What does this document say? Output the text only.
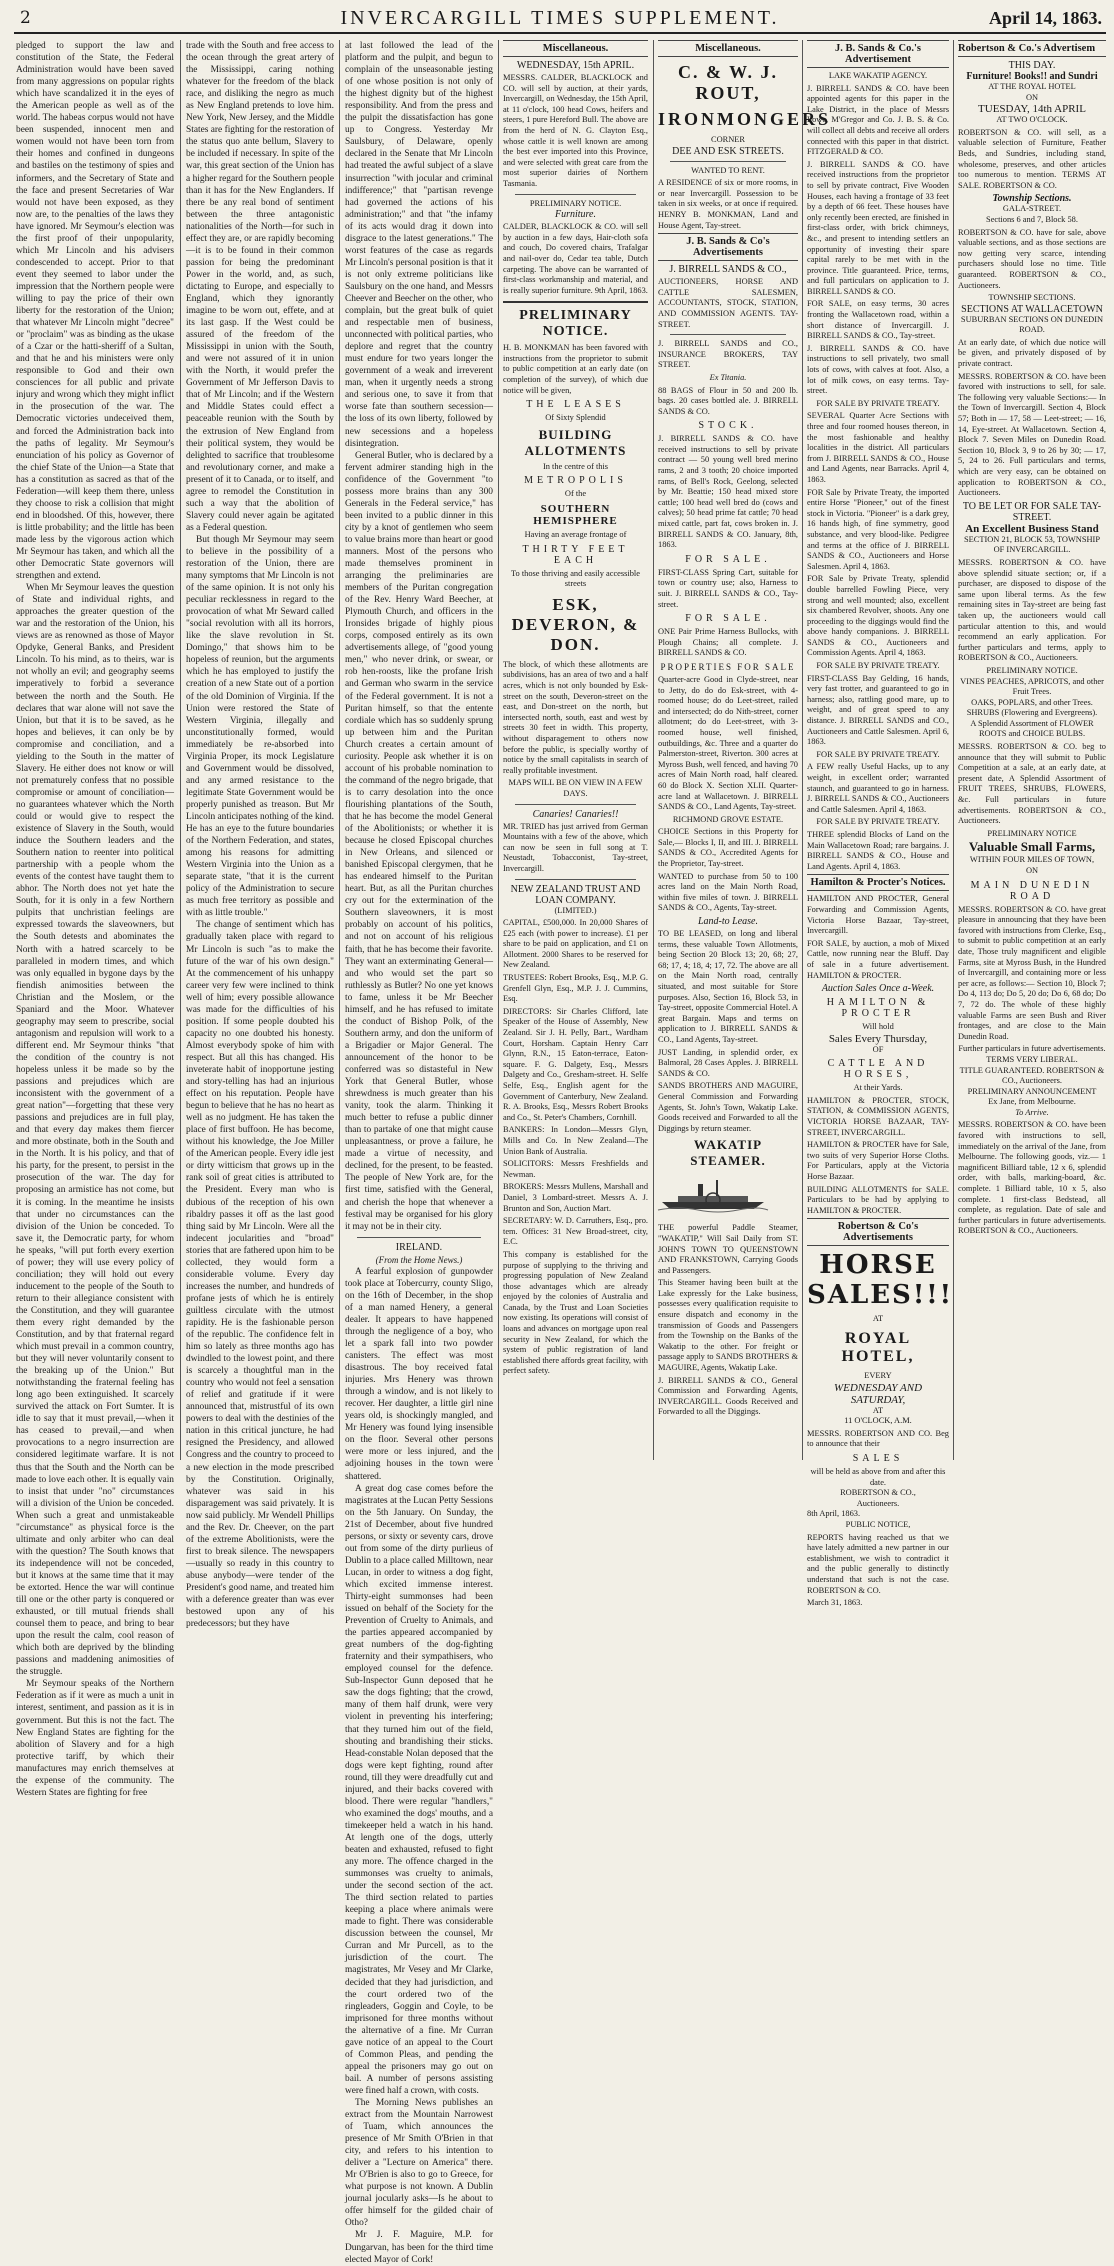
2	INVERCARGILL TIMES SUPPLEMENT.	April 14, 1863.

pledged to support the law and constitution of the State, the Federal Administration would have been saved from many aggressions on popular rights which have scandalized it in the eyes of the American people as well as of the world. The habeas corpus would not have been suspended, innocent men and women would not have been torn from their homes and confined in dungeons and bastiles on the testimony of spies and informers, and the Secretary of State and the face and present Secretaries of War would not have been exposed, as they now are, to the penalties of the laws they have ignored. Mr Seymour's election was the first proof of their unpopularity, which Mr Lincoln and his advisers condescended to accept. Prior to that event they seemed to labor under the impression that the Northern people were willing to pay the price of their own liberty for the restoration of the Union; that whatever Mr Lincoln might "decree" or "proclaim" was as binding as the ukase of a Czar or the hatti-sheriff of a Sultan, and that he and his ministers were only responsible to God and their own consciences for all public and private injury and wrong which they might inflict in the prosecution of the war. The Democratic victories undeceived them, and forced the Administration back into the paths of legality. Mr Seymour's enunciation of his policy as Governor of the chief State of the Union—a State that has a constitution as sacred as that of the Federation—will keep them there, unless they choose to risk a collision that might end in bloodshed. Of this, however, there is little probability; and the little has been made less by the vigorous action which Mr Seymour has taken, and which all the other Democratic State governors will strengthen and extend.

When Mr Seymour leaves the question of State and individual rights, and approaches the greater question of the war and the restoration of the Union, his views are as renowned as those of Mayor Opdyke, General Banks, and President Lincoln. To his mind, as to theirs, war is not wholly an evil; and geography seems imperatively to forbid a severance between the north and the South. He declares that war alone will not save the Union, but that it is to be saved, as he hopes and believes, it can only be by compromise and conciliation, and a yielding to the South in the matter of Slavery. He either does not know or will not prematurely confess that no possible compromise or amount of conciliation—no guarantees whatever which the North could or would give to respect the existence of Slavery in the South, would induce the Southern leaders and the Southern nation to reenter into political partnership with a people whom the events of the contest have taught them to abhor. The North does not yet hate the South, for it is only in a few Northern pulpits that unchristian feelings are expressed towards the slaveowners, but the South detests and abominates the North with a hatred scarcely to be paralleled in modern times, and which was only equalled in bygone days by the fiendish animosities between the Christian and the Moslem, or the Spaniard and the Moor. Whatever geography may seem to prescribe, social antagonism and repulsion will work to a different end. Mr Seymour thinks "that the condition of the country is not hopeless unless it be made so by the passions and prejudices which are inconsistent with the government of a great nation"—forgetting that these very passions and prejudices are in full play, and that every day makes them fiercer and more obstinate, both in the South and in the North. It is his policy, and that of his party, for the present, to persist in the prosecution of the war. The day for proposing an armistice has not come, but it is coming. In the meantime he insists that under no circumstances can the division of the Union be conceded. To save it, the Democratic party, for whom he speaks, "will put forth every exertion of power; they will use every policy of conciliation; they will hold out every inducement to the people of the South to return to their allegiance consistent with the Constitution, and they will guarantee them every right demanded by the Constitution, and by that fraternal regard which must prevail in a common country, but they will never voluntarily consent to the breaking up of the Union." But notwithstanding the fraternal feeling has long ago been extinguished. It scarcely survived the attack on Fort Sumter. It is idle to say that it must prevail,—when it has ceased to prevail,—and when provocations to a negro insurrection are considered legitimate warfare. It is not thus that the South and the North can be made to love each other. It is equally vain to insist that under "no" circumstances will a division of the Union be conceded. When such a great and unmistakeable "circumstance" as physical force is the ultimate and only arbiter who can deal with the question? The South knows that its independence will not be conceded, but it knows at the same time that it may be extorted. Hence the war will continue till one or the other party is conquered or exhausted, or till mutual friends shall counsel them to peace, and bring to bear upon the result the calm, cool reason of which both are deprived by the blinding passions and maddening animosities of the struggle.

Mr Seymour speaks of the Northern Federation as if it were as much a unit in interest, sentiment, and passion as it is in government. But this is not the fact. The New England States are fighting for the abolition of Slavery and for a high protective tariff, by which their manufactures may enrich themselves at the expense of the community. The Western States are fighting for free

trade with the South and free access to the ocean through the great artery of the Mississippi, caring nothing whatever for the freedom of the black race, and disliking the negro as much as New England pretends to love him. New York, New Jersey, and the Middle States are fighting for the restoration of the status quo ante bellum, Slavery to be included if necessary. In spite of the war, this great section of the Union has a higher regard for the Southern people than it has for the New Englanders. If there be any real bond of sentiment between the three antagonistic nationalities of the North—for such in effect they are, or are rapidly becoming—it is to be found in their common passion for being the predominant Power in the world, and, as such, dictating to Europe, and especially to England, which they ignorantly imagine to be worn out, effete, and at its last gasp. If the West could be assured of the freedom of the Mississippi in union with the South, and were not assured of it in union with the North, it would prefer the Government of Mr Jefferson Davis to that of Mr Lincoln; and if the Western and Middle States could effect a peaceable reunion with the South by the extrusion of New England from their political system, they would be delighted to sacrifice that troublesome and revolutionary corner, and make a present of it to Canada, or to itself, and agree to remodel the Constitution in such a way that the abolition of Slavery could never again be agitated as a Federal question.

But though Mr Seymour may seem to believe in the possibility of a restoration of the Union, there are many symptoms that Mr Lincoln is not of the same opinion. It is not only his peculiar recklessness in regard to the provocation of what Mr Seward called "social revolution with all its horrors, like the slave revolution in St. Domingo," that shows him to be hopeless of reunion, but the arguments which he has employed to justify the creation of a new State out of a portion of the old Dominion of Virginia. If the Union were restored the State of Western Virginia, illegally and unconstitutionally formed, would immediately be re-absorbed into Virginia Proper, its mock Legislature and Government would be dissolved, and any armed resistance to the legitimate State Government would be properly punished as treason. But Mr Lincoln anticipates nothing of the kind. He has an eye to the future boundaries of the Northern Federation, and states, among his reasons for admitting Western Virginia into the Union as a separate state, "that it is the current policy of the Administration to secure as much free territory as possible and with as little trouble."

The change of sentiment which has gradually taken place with regard to Mr Lincoln is such "as to make the future of the war of his own design." At the commencement of his unhappy career very few were inclined to think well of him; every possible allowance was made for the difficulties of his position. If some people doubted his capacity no one doubted his honesty. Almost everybody spoke of him with respect. But all this has changed. His inveterate habit of inopportune jesting and story-telling has had an injurious effect on his reputation. People have begun to believe that he has no heart as well as no judgment. He has taken the place of first buffoon. He has become, without his knowledge, the Joe Miller of the American people. Every idle jest or dirty witticism that grows up in the rank soil of great cities is attributed to the President. Every man who is dubious of the reception of his own ribaldry passes it off as the last good thing said by Mr Lincoln. Were all the indecent jocularities and "broad" stories that are fathered upon him to be collected, they would form a considerable volume. Every day increases the number, and hundreds of profane jests of which he is entirely guiltless circulate with the utmost rapidity. He is the fashionable person of the republic. The confidence felt in him so lately as three months ago has dwindled to the lowest point, and there is scarcely a thoughtful man in the country who would not feel a sensation of relief and gratitude if it were announced that, mistrustful of its own powers to deal with the destinies of the nation in this critical juncture, he had resigned the Presidency, and allowed Congress and the country to proceed to a new election in the mode prescribed by the Constitution. Originally, whatever was said in his disparagement was said privately. It is now said publicly. Mr Wendell Phillips and the Rev. Dr. Cheever, on the part of the extreme Abolitionists, were the first to break silence. The newspapers—usually so ready in this country to abuse anybody—were tender of the President's good name, and treated him with a deference greater than was ever bestowed upon any of his predecessors; but they have

at last followed the lead of the platform and the pulpit, and begun to complain of the unseasonable jesting of one whose position is not only of the highest dignity but of the highest responsibility. And from the press and the pulpit the dissatisfaction has gone up to Congress. Yesterday Mr Saulsbury, of Delaware, openly declared in the Senate that Mr Lincoln had treated the awful subject of a slave insurrection "with jocular and criminal indifference;" that "partisan revenge had governed the actions of his administration;" and that "the infamy of its acts would drag it down into disgrace to the latest generations." The worst features of the case as regards Mr Lincoln's personal position is that it is not only extreme politicians like Saulsbury on the one hand, and Messrs Cheever and Beecher on the other, who complain, but the great bulk of quiet and respectable men of business, unconnected with political parties, who deplore and regret that the country must endure for two years longer the government of a weak and irreverent man, when it urgently needs a strong and serious one, to save it from that worse fate than southern secession—the loss of its own liberty, followed by new secessions and a hopeless disintegration.

General Butler, who is declared by a fervent admirer standing high in the confidence of the Government "to possess more brains than any 300 Generals in the Federal service," has been invited to a public dinner in this city by a knot of gentlemen who seem to value brains more than heart or good manners. Most of the persons who made themselves prominent in arranging the preliminaries are members of the Puritan congregation of the Rev. Henry Ward Beecher, at Plymouth Church, and officers in the Ironsides brigade of highly pious corps, composed entirely as its own advertisements allege, of "good young men," who never drink, or swear, or rob hen-roosts, like the profane Irish and German who swarm in the service of the Federal government. It is not a Puritan himself, so that the entente cordiale which has so suddenly sprung up between him and the Puritan Church creates a certain amount of curiosity. People ask whether it is on account of his probable nomination to the command of the negro brigade, that is to carry desolation into the once flourishing plantations of the South, that he has become the model General of the Abolitionists; or whether it is because he closed Episcopal churches in New Orleans, and silenced or banished Episcopal clergymen, that he has endeared himself to the Puritan heart. But, as all the Puritan churches cry out for the extermination of the Southern slaveowners, it is most probably on account of his politics, and not on account of his religious faith, that he has become their favorite. They want an exterminating General—and who would set the part so ruthlessly as Butler? No one yet knows to fame, unless it be Mr Beecher himself, and he has refused to imitate the conduct of Bishop Polk, of the Southern army, and don the uniform of a Brigadier or Major General. The announcement of the honor to be conferred was so distasteful in New York that General Butler, whose shrewdness is much greater than his vanity, took the alarm. Thinking it much better to refuse a public dinner than to partake of one that might cause unpleasantness, or prove a failure, he made a virtue of necessity, and declined, for the present, to be feasted. The people of New York are, for the first time, satisfied with the General, and cherish the hope that whenever a festival may be organised for his glory it may not be in their city.

IRELAND.
(From the Home News.)

A fearful explosion of gunpowder took place at Tobercurry, county Sligo, on the 16th of December, in the shop of a man named Henery, a general dealer. It appears to have happened through the negligence of a boy, who let a spark fall into two powder canisters. The effect was most disastrous. The boy received fatal injuries. Mrs Henery was thrown through a window, and is not likely to recover. Her daughter, a little girl nine years old, is shockingly mangled, and Mr Henery was found lying insensible on the floor. Several other persons were more or less injured, and the adjoining houses in the town were shattered.

A great dog case comes before the magistrates at the Lucan Petty Sessions on the 5th January. On Sunday, the 21st of December, about five hundred persons, or sixty or seventy cars, drove out from some of the dirty purlieus of Dublin to a place called Milltown, near Lucan, in order to witness a dog fight, which excited immense interest. Thirty-eight summonses had been issued on behalf of the Society for the Prevention of Cruelty to Animals, and the parties appeared accompanied by great numbers of the dog-fighting fraternity and their sympathisers, who employed counsel for the defence. Sub-Inspector Gunn deposed that he saw the dogs fighting; that the crowd, many of them half drunk, were very violent in preventing his interfering; that they turned him out of the field, shouting and brandishing their sticks. Head-constable Nolan deposed that the dogs were kept fighting, round after round, till they were dreadfully cut and injured, and their backs covered with blood. There were regular "handlers," who examined the dogs' mouths, and a timekeeper held a watch in his hand. At length one of the dogs, utterly beaten and exhausted, refused to fight any more. The offence charged in the summonses was cruelty to animals, under the second section of the act. The third section related to parties keeping a place where animals were made to fight. There was considerable discussion between the counsel, Mr Curran and Mr Purcell, as to the jurisdiction of the court. The magistrates, Mr Vesey and Mr Clarke, decided that they had jurisdiction, and the court ordered two of the ringleaders, Goggin and Coyle, to be imprisoned for three months without the alternative of a fine. Mr Curran gave notice of an appeal to the Court of Common Pleas, and pending the appeal the prisoners may go out on bail. A number of persons assisting were fined half a crown, with costs.

The Morning News publishes an extract from the Mountain Narrowest of Tuam, which announces the presence of Mr Smith O'Brien in that city, and refers to his intention to deliver a "Lecture on America" there. Mr O'Brien is also to go to Greece, for what purpose is not known. A Dublin journal jocularly asks—Is he about to offer himself for the gilded chair of Otho?

Mr J. F. Maguire, M.P. for Dungarvan, has been for the third time elected Mayor of Cork!

Miscellaneous.
WEDNESDAY, 15th APRIL.
MESSRS. CALDER, BLACKLOCK and CO. will sell by auction, at their yards, Invercargill, on Wednesday, the 15th April, at 11 o'clock, 100 head Cows, heifers and steers, 1 pure Hereford Bull. The above are from the herd of N. G. Clayton Esq., whose cattle it is well known are among the best ever imported into this Province, and were selected with great care from the most superior dairies of Northern Tasmania.
PRELIMINARY NOTICE.
Furniture.
CALDER, BLACKLOCK & CO. will sell by auction in a few days, Hair-cloth sofa and couch, Do covered chairs, Trafalgar and nail-over do, Cedar tea table, Dutch carpeting. The above can be warranted of first-class workmanship and material, and is really superior furniture. 9th April, 1863.
PRELIMINARY NOTICE.
H. B. MONKMAN has been favored with instructions from the proprietor to submit to public competition at an early date (on completion of the survey), of which due notice will be given,
THE LEASES
Of Sixty Splendid
BUILDING ALLOTMENTS
In the centre of this
METROPOLIS
Of the
SOUTHERN HEMISPHERE
Having an average frontage of
THIRTY FEET EACH
To those thriving and easily accessible streets
ESK, DEVERON, & DON.
The block, of which these allotments are subdivisions, has an area of two and a half acres, which is not only bounded by Esk-street on the south, Deveron-street on the east, and Don-street on the north, but intersected north, south, east and west by streets 30 feet in width. This property, without disparagement to others now before the public, is specially worthy of notice by the small capitalists in search of really profitable investment.
MAPS WILL BE ON VIEW IN A FEW DAYS.
Canaries! Canaries!!
MR. TRIED has just arrived from German Mountains with a few of the above, which can now be seen in full song at T. Neustadt, Tobacconist, Tay-street, Invercargill.
NEW ZEALAND TRUST AND LOAN COMPANY.
(LIMITED.)
CAPITAL, £500,000. In 20,000 Shares of £25 each (with power to increase). £1 per share to be paid on application, and £1 on Allotment. 2000 Shares to be reserved for New Zealand.
TRUSTEES: Robert Brooks, Esq., M.P. G. Grenfell Glyn, Esq., M.P. J. J. Cummins, Esq.
DIRECTORS: Sir Charles Clifford, late Speaker of the House of Assembly, New Zealand. Sir J. H. Pelly, Bart., Wardham Court, Horsham. Captain Henry Carr Glynn, R.N., 15 Eaton-terrace, Eaton-square. F. G. Dalgety, Esq., Messrs Dalgety and Co., Gresham-street. H. Selfe Selfe, Esq., English agent for the Government of Canterbury, New Zealand. R. A. Brooks, Esq., Messrs Robert Brooks and Co., St. Peter's Chambers, Cornhill.
BANKERS: In London—Messrs Glyn, Mills and Co. In New Zealand—The Union Bank of Australia.
SOLICITORS: Messrs Freshfields and Newman.
BROKERS: Messrs Mullens, Marshall and Daniel, 3 Lombard-street. Messrs A. J. Brunton and Son, Auction Mart.
SECRETARY: W. D. Carruthers, Esq., pro. tem. Offices: 31 New Broad-street, city, E.C.
This company is established for the purpose of supplying to the thriving and progressing population of New Zealand those advantages which are already enjoyed by the colonies of Australia and Canada, by the Trust and Loan Societies now existing. Its operations will consist of loans and advances on mortgage upon real security in New Zealand, for which the system of public registration of land established there affords great facility, with perfect safety.
Miscellaneous.
C. & W. J. ROUT,
IRONMONGERS
CORNER
DEE AND ESK STREETS.
WANTED TO RENT.
A RESIDENCE of six or more rooms, in or near Invercargill. Possession to be taken in six weeks, or at once if required. HENRY B. MONKMAN, Land and House Agent, Tay-street.
J. B. Sands & Co's Advertisements
J. BIRRELL SANDS & CO.,
AUCTIONEERS, HORSE AND CATTLE SALESMEN, ACCOUNTANTS, STOCK, STATION, AND COMMISSION AGENTS. TAY-STREET.
J. BIRRELL SANDS and CO., INSURANCE BROKERS, TAY STREET.
Ex Titania.
88 BAGS of Flour in 50 and 200 lb. bags. 20 cases bottled ale. J. BIRRELL SANDS & CO.
STOCK.
J. BIRRELL SANDS & CO. have received instructions to sell by private contract — 50 young well bred merino rams, 2 and 3 tooth; 20 choice imported rams, of Bell's Rock, Geelong, selected by Mr. Beattie; 150 head mixed store cattle; 100 head well bred do (cows and calves); 50 head prime fat cattle; 70 head mixed cattle, part fat, cows broken in. J. BIRRELL SANDS & CO. January, 8th, 1863.
FOR SALE.
FIRST-CLASS Spring Cart, suitable for town or country use; also, Harness to suit. J. BIRRELL SANDS & CO., Tay-street.
FOR SALE.
ONE Pair Prime Harness Bullocks, with Plough Chains; all complete. J. BIRRELL SANDS & CO.
PROPERTIES FOR SALE
Quarter-acre Good in Clyde-street, near to Jetty, do do do Esk-street, with 4-roomed house; do do Leet-street, railed and intersected; do do Nith-street, corner allotment; do do Leet-street, with 3-roomed house, well finished, outbuildings, &c. Three and a quarter do Palmerston-street, Riverton. 300 acres at Myross Bush, well fenced, and having 70 acres of Main North road, half cleared. 60 do Block X. Section XLII. Quarter-acre land at Wallacetown. J. BIRRELL SANDS & CO., Land Agents, Tay-street.
RICHMOND GROVE ESTATE.
CHOICE Sections in this Property for Sale,— Blocks I, II, and III. J. BIRRELL SANDS & CO., Accredited Agents for the Proprietor, Tay-street.
WANTED to purchase from 50 to 100 acres land on the Main North Road, within five miles of town. J. BIRRELL SANDS & CO., Agents, Tay-street.
Land-to Lease.
TO BE LEASED, on long and liberal terms, these valuable Town Allotments, being Section 20 Block 13; 20, 68; 27, 68; 17, 4; 18, 4; 17, 72. The above are all on the Main North road, centrally situated, and most suitable for Store purposes. Also, Section 16, Block 53, in Tay-street, opposite Commercial Hotel. A great Bargain. Maps and terms on application to J. BIRRELL SANDS & CO., Land Agents, Tay-street.
JUST Landing, in splendid order, ex Balmoral, 28 Cases Apples. J. BIRRELL SANDS & CO.
SANDS BROTHERS AND MAGUIRE, General Commission and Forwarding Agents, St. John's Town, Wakatip Lake. Goods received and Forwarded to all the Diggings by return steamer.
WAKATIP STEAMER.
THE powerful Paddle Steamer, "WAKATIP," Will Sail Daily from ST. JOHN'S TOWN TO QUEENSTOWN AND FRANKSTOWN, Carrying Goods and Passengers.
This Steamer having been built at the Lake expressly for the Lake business, possesses every qualification requisite to ensure dispatch and economy in the transmission of Goods and Passengers from the Township on the Banks of the Wakatip to the other. For freight or passage apply to SANDS BROTHERS & MAGUIRE, Agents, Wakatip Lake.
J. BIRRELL SANDS & CO., General Commission and Forwarding Agents, INVERCARGILL. Goods Received and Forwarded to all the Diggings.
J. B. Sands & Co.'s Advertisement
LAKE WAKATIP AGENCY.
J. BIRRELL SANDS & CO. have been appointed agents for this paper in the Lake District, in the place of Messrs Lowe, M'Gregor and Co. J. B. S. & Co. will collect all debts and receive all orders connected with this paper in that district. FITZGERALD & CO.
J. BIRRELL SANDS & CO. have received instructions from the proprietor to sell by private contract, Five Wooden Houses, each having a frontage of 33 feet by a depth of 66 feet. These houses have only recently been erected, are finished in first-class order, with brick chimneys, &c., and present to intending settlers an opportunity of investing their spare capital rarely to be met with in the province. Title guaranteed. Price, terms, and full particulars on application to J. BIRRELL SANDS & CO.
FOR SALE, on easy terms, 30 acres fronting the Wallacetown road, within a short distance of Invercargill. J. BIRRELL SANDS & CO., Tay-street.
J. BIRRELL SANDS & CO. have instructions to sell privately, two small lots of cows, with calves at foot. Also, a lot of milk cows, on easy terms. Tay-street.
FOR SALE BY PRIVATE TREATY.
SEVERAL Quarter Acre Sections with three and four roomed houses thereon, in the most fashionable and healthy localities in the district. All particulars from J. BIRRELL SANDS & CO., House and Land Agents, near Barracks. April 4, 1863.
FOR Sale by Private Treaty, the imported entire Horse "Pioneer," out of the finest stock in Victoria. "Pioneer" is a dark grey, 16 hands high, of fine symmetry, good substance, and very blood-like. Pedigree and terms at the office of J. BIRRELL SANDS & CO., Auctioneers and Horse Salesmen. April 4, 1863.
FOR Sale by Private Treaty, splendid double barrelled Fowling Piece, very strong and well mounted; also, excellent six chambered Revolver, shoots. Any one proceeding to the diggings would find the above handy companions. J. BIRRELL SANDS & CO., Auctioneers and Commission Agents. April 4, 1863.
FOR SALE BY PRIVATE TREATY.
FIRST-CLASS Bay Gelding, 16 hands, very fast trotter, and guaranteed to go in harness; also, rattling good mare, up to weight, and of great speed to any distance. J. BIRRELL SANDS and CO., Auctioneers and Cattle Salesmen. April 6, 1863.
FOR SALE BY PRIVATE TREATY.
A FEW really Useful Hacks, up to any weight, in excellent order; warranted staunch, and guaranteed to go in harness. J. BIRRELL SANDS & CO., Auctioneers and Cattle Salesmen. April 4, 1863.
FOR SALE BY PRIVATE TREATY.
THREE splendid Blocks of Land on the Main Wallacetown Road; rare bargains. J. BIRRELL SANDS & CO., House and Land Agents. April 4, 1863.
Hamilton & Procter's Notices.
HAMILTON AND PROCTER, General Forwarding and Commission Agents, Victoria Horse Bazaar, Tay-street, Invercargill.
FOR SALE, by auction, a mob of Mixed Cattle, now running near the Bluff. Day of sale in a future advertisement. HAMILTON & PROCTER.
Auction Sales Once a-Week.
HAMILTON & PROCTER
Will hold
Sales Every Thursday,
OF
CATTLE AND HORSES,
At their Yards.
HAMILTON & PROCTER, STOCK, STATION, & COMMISSION AGENTS, VICTORIA HORSE BAZAAR, TAY-STREET, INVERCARGILL.
HAMILTON & PROCTER have for Sale, two suits of very Superior Horse Cloths. For Particulars, apply at the Victoria Horse Bazaar.
BUILDING ALLOTMENTS for SALE. Particulars to be had by applying to HAMILTON & PROCTER.
Robertson & Co's Advertisements
HORSE SALES!!!
AT
ROYAL HOTEL,
EVERY
WEDNESDAY AND SATURDAY,
AT
11 O'CLOCK, A.M.
MESSRS. ROBERTSON AND CO. Beg to announce that their
SALES
will be held as above from and after this date.
ROBERTSON & CO.,
Auctioneers.
8th April, 1863.
PUBLIC NOTICE,
REPORTS having reached us that we have lately admitted a new partner in our establishment, we wish to contradict it and the public generally to distinctly understand that such is not the case. ROBERTSON & CO.
March 31, 1863.
Robertson & Co.'s Advertisem
THIS DAY.
Furniture! Books!! and Sundri
AT THE ROYAL HOTEL
ON
TUESDAY, 14th APRIL
AT TWO O'CLOCK.
ROBERTSON & CO. will sell, as a valuable selection of Furniture, Feather Beds, and Sundries, including stand, wholesome, preserves, and other articles too numerous to mention. TERMS AT SALE. ROBERTSON & CO.
Township Sections.
GALA-STREET.
Sections 6 and 7, Block 58.
ROBERTSON & CO. have for sale, above valuable sections, and as those sections are now getting very scarce, intending purchasers should lose no time. Title guaranteed. ROBERTSON & CO., Auctioneers.
TOWNSHIP SECTIONS.
SECTIONS AT WALLACETOWN
SUBURBAN SECTIONS ON DUNEDIN ROAD.
At an early date, of which due notice will be given, and privately disposed of by private contract.
MESSRS. ROBERTSON & CO. have been favored with instructions to sell, for sale. The following very valuable Sections:— In the Town of Invercargill. Section 4, Block 57; Both in — 17, 58 — Leet-street; — 16, 14, Eye-street. At Wallacetown. Section 4, Block 7. Seven Miles on Dunedin Road. Section 10, Block 3, 9 to 26 by 30; — 17, 5, 24 to 26. Full particulars and terms, which are very easy, can be obtained on application to ROBERTSON & CO., Auctioneers.
TO BE LET OR FOR SALE TAY-STREET.
An Excellent Business Stand
SECTION 21, BLOCK 53, TOWNSHIP OF INVERCARGILL.
MESSRS. ROBERTSON & CO. have above splendid situate section; or, if a purchaser, are disposed to dispose of the same upon liberal terms. As the few remaining sites in Tay-street are being fast taken up, the auctioneers would call particular attention to this, and would recommend an early application. For further particulars and terms, apply to ROBERTSON & CO., Auctioneers.
PRELIMINARY NOTICE.
VINES PEACHES, APRICOTS, and other Fruit Trees.
OAKS, POPLARS, and other Trees.
SHRUBS (Flowering and Evergreens).
A Splendid Assortment of FLOWER ROOTS and CHOICE BULBS.
MESSRS. ROBERTSON & CO. beg to announce that they will submit to Public Competition at a sale, at an early date, at present date, A Splendid Assortment of FRUIT TREES, SHRUBS, FLOWERS, &c. Full particulars in future advertisements. ROBERTSON & CO., Auctioneers.
PRELIMINARY NOTICE
Valuable Small Farms,
WITHIN FOUR MILES OF TOWN,
ON
MAIN DUNEDIN ROAD
MESSRS. ROBERTSON & CO. have great pleasure in announcing that they have been favored with instructions from Clerke, Esq., to submit to public competition at an early date, Those truly magnificent and eligible Farms, site at Myross Bush, in the Hundred of Invercargill, and containing more or less per acre, as follows:— Section 10, Block 7; Do 4, 113 do; Do 5, 20 do; Do 6, 68 do; Do 7, 72 do. The whole of these highly valuable Farms are seen Bush and River frontages, and are close to the Main Dunedin Road.
Further particulars in future advertisements.
TERMS VERY LIBERAL.
TITLE GUARANTEED. ROBERTSON & CO., Auctioneers.
PRELIMINARY ANNOUNCEMENT
Ex Jane, from Melbourne.
To Arrive.
MESSRS. ROBERTSON & CO. have been favored with instructions to sell, immediately on the arrival of the Jane, from Melbourne. The following goods, viz.— 1 magnificent Billiard table, 12 x 6, splendid order, with balls, marking-board, &c. complete. 1 Billiard table, 10 x 5, also complete. 1 first-class Bedstead, all complete, as regulation. Date of sale and further particulars in future advertisements. ROBERTSON & CO., Auctioneers.
